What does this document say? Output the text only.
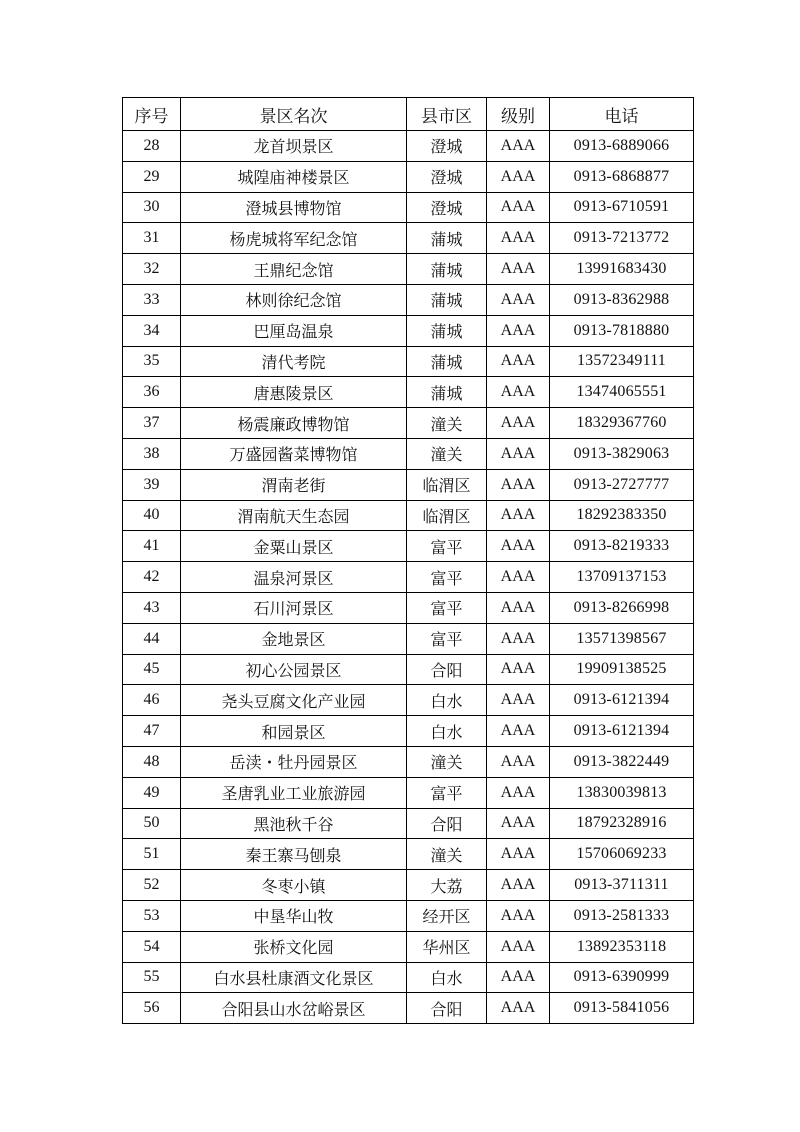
序号	景区名次	县市区	级别	电话
28	龙首坝景区	澄城	AAA	0913-6889066
29	城隍庙神楼景区	澄城	AAA	0913-6868877
30	澄城县博物馆	澄城	AAA	0913-6710591
31	杨虎城将军纪念馆	蒲城	AAA	0913-7213772
32	王鼎纪念馆	蒲城	AAA	13991683430
33	林则徐纪念馆	蒲城	AAA	0913-8362988
34	巴厘岛温泉	蒲城	AAA	0913-7818880
35	清代考院	蒲城	AAA	13572349111
36	唐惠陵景区	蒲城	AAA	13474065551
37	杨震廉政博物馆	潼关	AAA	18329367760
38	万盛园酱菜博物馆	潼关	AAA	0913-3829063
39	渭南老街	临渭区	AAA	0913-2727777
40	渭南航天生态园	临渭区	AAA	18292383350
41	金粟山景区	富平	AAA	0913-8219333
42	温泉河景区	富平	AAA	13709137153
43	石川河景区	富平	AAA	0913-8266998
44	金地景区	富平	AAA	13571398567
45	初心公园景区	合阳	AAA	19909138525
46	尧头豆腐文化产业园	白水	AAA	0913-6121394
47	和园景区	白水	AAA	0913-6121394
48	岳渎・牡丹园景区	潼关	AAA	0913-3822449
49	圣唐乳业工业旅游园	富平	AAA	13830039813
50	黑池秋千谷	合阳	AAA	18792328916
51	秦王寨马刨泉	潼关	AAA	15706069233
52	冬枣小镇	大荔	AAA	0913-3711311
53	中垦华山牧	经开区	AAA	0913-2581333
54	张桥文化园	华州区	AAA	13892353118
55	白水县杜康酒文化景区	白水	AAA	0913-6390999
56	合阳县山水岔峪景区	合阳	AAA	0913-5841056
